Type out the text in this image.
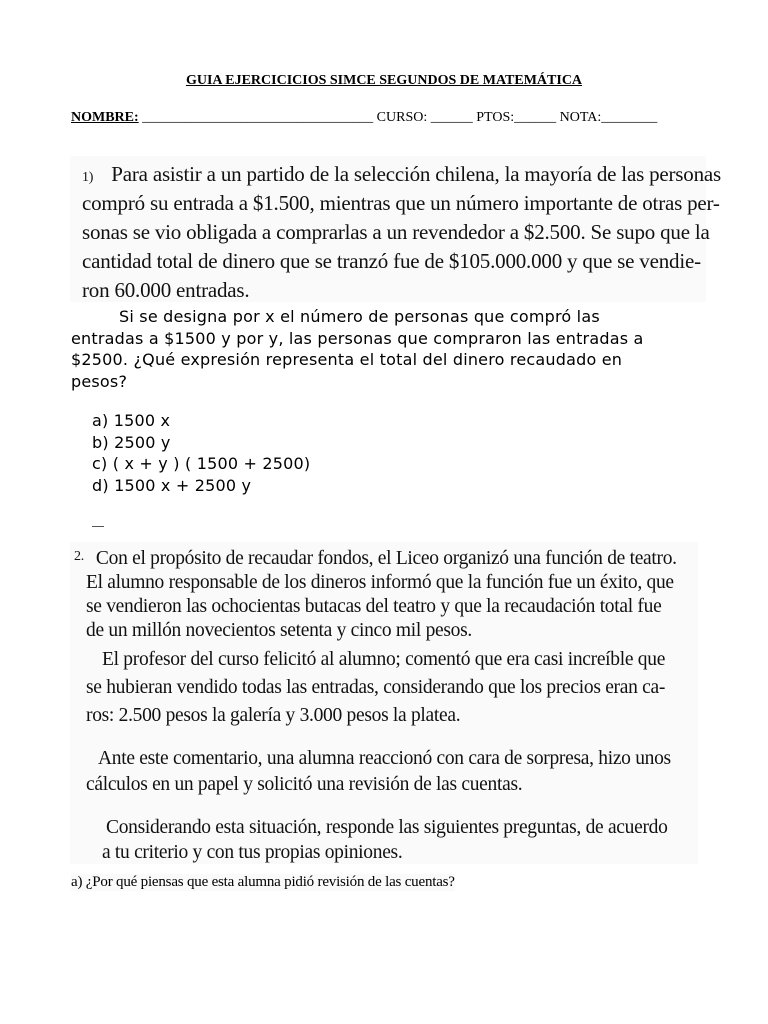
GUIA EJERCICICIOS SIMCE SEGUNDOS DE MATEMÁTICA
NOMBRE: _________________________________ CURSO: ______ PTOS:______ NOTA:________
1) Para asistir a un partido de la selección chilena, la mayoría de las personas
compró su entrada a $1.500, mientras que un número importante de otras per-
sonas se vio obligada a comprarlas a un revendedor a $2.500. Se supo que la
cantidad total de dinero que se tranzó fue de $105.000.000 y que se vendie-
ron 60.000 entradas.
Si se designa por x el número de personas que compró las
entradas a $1500 y por y, las personas que compraron las entradas a
$2500. ¿Qué expresión representa el total del dinero recaudado en
pesos?
a) 1500 x
b) 2500 y
c) ( x + y ) ( 1500 + 2500)
d) 1500 x + 2500 y
$^{2.}$ Con el propósito de recaudar fondos, el Liceo organizó una función de teatro.
El alumno responsable de los dineros informó que la función fue un éxito, que
se vendieron las ochocientas butacas del teatro y que la recaudación total fue
de un millón novecientos setenta y cinco mil pesos.
El profesor del curso felicitó al alumno; comentó que era casi increíble que
se hubieran vendido todas las entradas, considerando que los precios eran ca-
ros: 2.500 pesos la galería y 3.000 pesos la platea.
Ante este comentario, una alumna reaccionó con cara de sorpresa, hizo unos
cálculos en un papel y solicitó una revisión de las cuentas.
Considerando esta situación, responde las siguientes preguntas, de acuerdo
a tu criterio y con tus propias opiniones.
a) ¿Por qué piensas que esta alumna pidió revisión de las cuentas?
